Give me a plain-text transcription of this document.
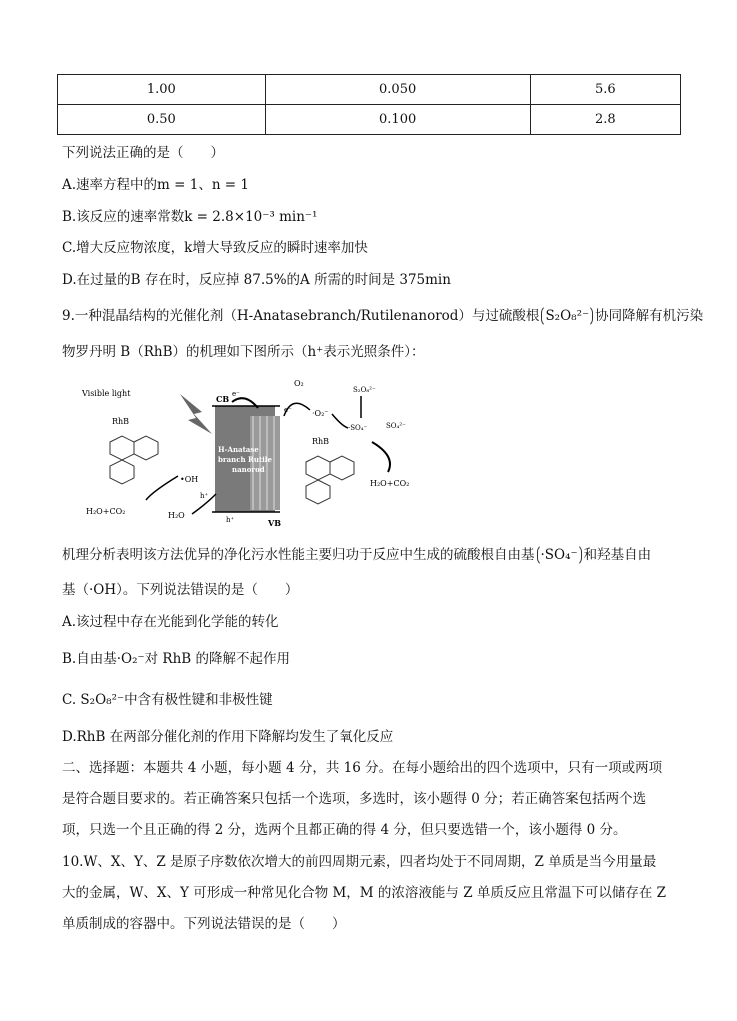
1.00	0.050	5.6
0.50	0.100	2.8
下列说法正确的是（　　）
A.速率方程中的m = 1、n = 1
B.该反应的速率常数k = 2.8×10⁻³ min⁻¹
C.增大反应物浓度，k增大导致反应的瞬时速率加快
D.在过量的B 存在时，反应掉 87.5%的A 所需的时间是 375min
9.一种混晶结构的光催化剂（H-Anatasebranch/Rutilenanorod）与过硫酸根 S₂O₈²⁻ 协同降解有机污染
物罗丹明 B（RhB）的机理如下图所示（h⁺表示光照条件）：
Visible light
CB
VB
H-Anatase
branch Rutile
nanorod
e⁻
e⁻
O₂
·O₂⁻
S₂O₈²⁻
·SO₄⁻	SO₄²⁻
RhB
RhB
H₂O+CO₂
•OH
H₂O+CO₂	H₂O
h⁺
h⁺
机理分析表明该方法优异的净化污水性能主要归功于反应中生成的硫酸根自由基 ·SO₄⁻ 和羟基自由
基（·OH）。下列说法错误的是（　　）
A.该过程中存在光能到化学能的转化
B.自由基·O₂⁻对 RhB 的降解不起作用
C. S₂O₈²⁻中含有极性键和非极性键
D.RhB 在两部分催化剂的作用下降解均发生了氧化反应
二、选择题：本题共 4 小题，每小题 4 分，共 16 分。在每小题给出的四个选项中，只有一项或两项
是符合题目要求的。若正确答案只包括一个选项，多选时，该小题得 0 分；若正确答案包括两个选
项，只选一个且正确的得 2 分，选两个且都正确的得 4 分，但只要选错一个，该小题得 0 分。
10.W、X、Y、Z 是原子序数依次增大的前四周期元素，四者均处于不同周期，Z 单质是当今用量最
大的金属，W、X、Y 可形成一种常见化合物 M，M 的浓溶液能与 Z 单质反应且常温下可以储存在 Z
单质制成的容器中。下列说法错误的是（　　）
